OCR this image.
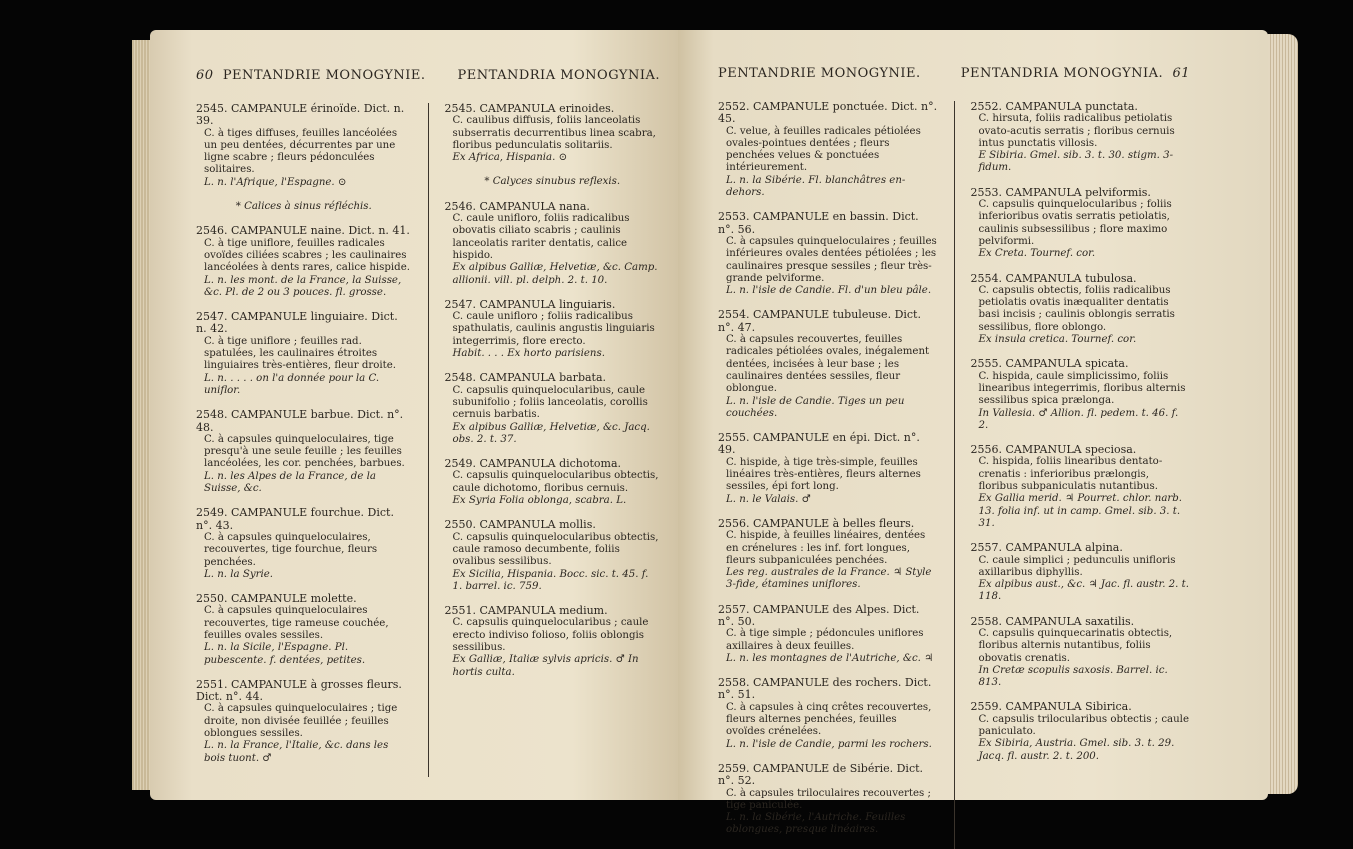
60 PENTANDRIE MONOGYNIE. PENTANDRIA MONOGYNIA.

2545. CAMPANULE érinoïde. Dict. n. 39.

C. à tiges diffuses, feuilles lancéolées un peu dentées, décurrentes par une ligne scabre ; fleurs pédonculées solitaires.

L. n. l'Afrique, l'Espagne. ⊙

* Calices à sinus réfléchis.

2546. CAMPANULE naine. Dict. n. 41.

C. à tige uniflore, feuilles radicales ovoïdes ciliées scabres ; les caulinaires lancéolées à dents rares, calice hispide.

L. n. les mont. de la France, la Suisse, &c. Pl. de 2 ou 3 pouces. fl. grosse.

2547. CAMPANULE linguiaire. Dict. n. 42.

C. à tige uniflore ; feuilles rad. spatulées, les caulinaires étroites linguiaires très-entières, fleur droite.

L. n. . . . . on l'a donnée pour la C. uniflor.

2548. CAMPANULE barbue. Dict. n°. 48.

C. à capsules quinqueloculaires, tige presqu'à une seule feuille ; les feuilles lancéolées, les cor. penchées, barbues.

L. n. les Alpes de la France, de la Suisse, &c.

2549. CAMPANULE fourchue. Dict. n°. 43.

C. à capsules quinqueloculaires, recouvertes, tige fourchue, fleurs penchées.

L. n. la Syrie.

2550. CAMPANULE molette.

C. à capsules quinqueloculaires recouvertes, tige rameuse couchée, feuilles ovales sessiles.

L. n. la Sicile, l'Espagne. Pl. pubescente. f. dentées, petites.

2551. CAMPANULE à grosses fleurs. Dict. n°. 44.

C. à capsules quinqueloculaires ; tige droite, non divisée feuillée ; feuilles oblongues sessiles.

L. n. la France, l'Italie, &c. dans les bois tuont. ♂

2545. CAMPANULA erinoides.

C. caulibus diffusis, foliis lanceolatis subserratis decurrentibus linea scabra, floribus pedunculatis solitariis.

Ex Africa, Hispania. ⊙

* Calyces sinubus reflexis.

2546. CAMPANULA nana.

C. caule unifloro, foliis radicalibus obovatis ciliato scabris ; caulinis lanceolatis rariter dentatis, calice hispido.

Ex alpibus Galliæ, Helvetiæ, &c. Camp. allionii. vill. pl. delph. 2. t. 10.

2547. CAMPANULA linguiaris.

C. caule unifloro ; foliis radicalibus spathulatis, caulinis angustis linguiaris integerrimis, flore erecto.

Habit. . . . Ex horto parisiens.

2548. CAMPANULA barbata.

C. capsulis quinquelocularibus, caule subunifolio ; foliis lanceolatis, corollis cernuis barbatis.

Ex alpibus Galliæ, Helvetiæ, &c. Jacq. obs. 2. t. 37.

2549. CAMPANULA dichotoma.

C. capsulis quinquelocularibus obtectis, caule dichotomo, floribus cernuis.

Ex Syria Folia oblonga, scabra. L.

2550. CAMPANULA mollis.

C. capsulis quinquelocularibus obtectis, caule ramoso decumbente, foliis ovalibus sessilibus.

Ex Sicilia, Hispania. Bocc. sic. t. 45. f. 1. barrel. ic. 759.

2551. CAMPANULA medium.

C. capsulis quinquelocularibus ; caule erecto indiviso folioso, foliis oblongis sessilibus.

Ex Galliæ, Italiæ sylvis apricis. ♂ In hortis culta.

PENTANDRIE MONOGYNIE.	PENTANDRIA MONOGYNIA. 61

2552. CAMPANULE ponctuée. Dict. n°. 45.

C. velue, à feuilles radicales pétiolées ovales-pointues dentées ; fleurs penchées velues & ponctuées intérieurement.

L. n. la Sibérie. Fl. blanchâtres en-dehors.

2553. CAMPANULE en bassin. Dict. n°. 56.

C. à capsules quinqueloculaires ; feuilles inférieures ovales dentées pétiolées ; les caulinaires presque sessiles ; fleur très-grande pelviforme.

L. n. l'isle de Candie. Fl. d'un bleu pâle.

2554. CAMPANULE tubuleuse. Dict. n°. 47.

C. à capsules recouvertes, feuilles radicales pétiolées ovales, inégalement dentées, incisées à leur base ; les caulinaires dentées sessiles, fleur oblongue.

L. n. l'isle de Candie. Tiges un peu couchées.

2555. CAMPANULE en épi. Dict. n°. 49.

C. hispide, à tige très-simple, feuilles linéaires très-entières, fleurs alternes sessiles, épi fort long.

L. n. le Valais. ♂

2556. CAMPANULE à belles fleurs.

C. hispide, à feuilles linéaires, dentées en crénelures : les inf. fort longues, fleurs subpaniculées penchées.

Les reg. australes de la France. ♃ Style 3-fide, étamines uniflores.

2557. CAMPANULE des Alpes. Dict. n°. 50.

C. à tige simple ; pédoncules uniflores axillaires à deux feuilles.

L. n. les montagnes de l'Autriche, &c. ♃

2558. CAMPANULE des rochers. Dict. n°. 51.

C. à capsules à cinq crêtes recouvertes, fleurs alternes penchées, feuilles ovoïdes crénelées.

L. n. l'isle de Candie, parmi les rochers.

2559. CAMPANULE de Sibérie. Dict. n°. 52.

C. à capsules triloculaires recouvertes ; tige paniculée.

L. n. la Sibérie, l'Autriche. Feuilles oblongues, presque linéaires.

2552. CAMPANULA punctata.

C. hirsuta, foliis radicalibus petiolatis ovato-acutis serratis ; floribus cernuis intus punctatis villosis.

E Sibiria. Gmel. sib. 3. t. 30. stigm. 3-fidum.

2553. CAMPANULA pelviformis.

C. capsulis quinquelocularibus ; foliis inferioribus ovatis serratis petiolatis, caulinis subsessilibus ; flore maximo pelviformi.

Ex Creta. Tournef. cor.

2554. CAMPANULA tubulosa.

C. capsulis obtectis, foliis radicalibus petiolatis ovatis inæqualiter dentatis basi incisis ; caulinis oblongis serratis sessilibus, flore oblongo.

Ex insula cretica. Tournef. cor.

2555. CAMPANULA spicata.

C. hispida, caule simplicissimo, foliis linearibus integerrimis, floribus alternis sessilibus spica prælonga.

In Vallesia. ♂ Allion. fl. pedem. t. 46. f. 2.

2556. CAMPANULA speciosa.

C. hispida, foliis linearibus dentato-crenatis : inferioribus prælongis, floribus subpaniculatis nutantibus.

Ex Gallia merid. ♃ Pourret. chlor. narb. 13. folia inf. ut in camp. Gmel. sib. 3. t. 31.

2557. CAMPANULA alpina.

C. caule simplici ; pedunculis unifloris axillaribus diphyllis.

Ex alpibus aust., &c. ♃ Jac. fl. austr. 2. t. 118.

2558. CAMPANULA saxatilis.

C. capsulis quinquecarinatis obtectis, floribus alternis nutantibus, foliis obovatis crenatis.

In Cretæ scopulis saxosis. Barrel. ic. 813.

2559. CAMPANULA Sibirica.

C. capsulis trilocularibus obtectis ; caule paniculato.

Ex Sibiria, Austria. Gmel. sib. 3. t. 29. Jacq. fl. austr. 2. t. 200.
